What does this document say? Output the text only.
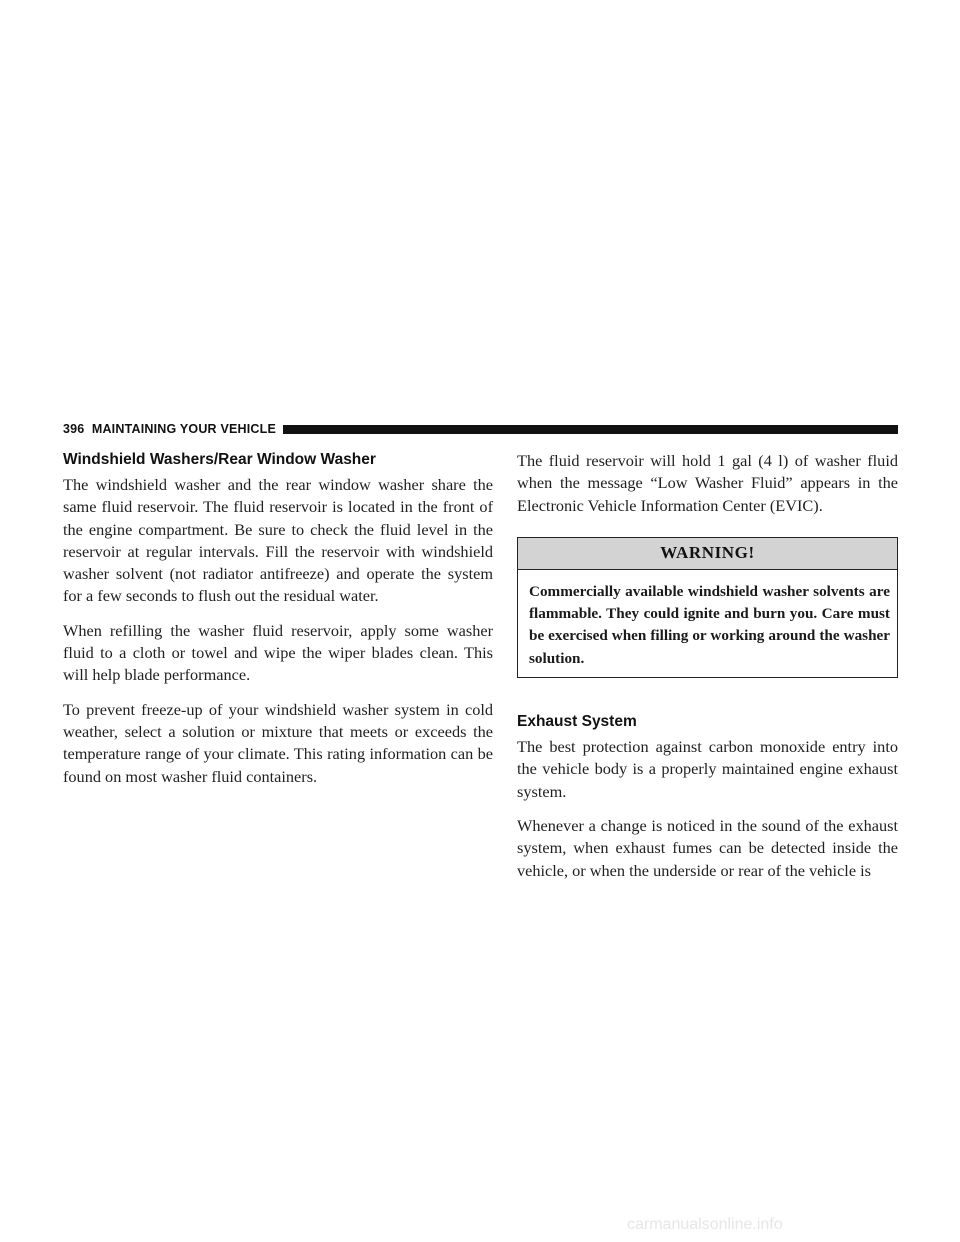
396 MAINTAINING YOUR VEHICLE
Windshield Washers/Rear Window Washer

The windshield washer and the rear window washer share the same fluid reservoir. The fluid reservoir is located in the front of the engine compartment. Be sure to check the fluid level in the reservoir at regular intervals. Fill the reservoir with windshield washer solvent (not radiator antifreeze) and operate the system for a few seconds to flush out the residual water.

When refilling the washer fluid reservoir, apply some washer fluid to a cloth or towel and wipe the wiper blades clean. This will help blade performance.

To prevent freeze-up of your windshield washer system in cold weather, select a solution or mixture that meets or exceeds the temperature range of your climate. This rating information can be found on most washer fluid containers.

The fluid reservoir will hold 1 gal (4 l) of washer fluid when the message “Low Washer Fluid” appears in the Electronic Vehicle Information Center (EVIC).

WARNING!
Commercially available windshield washer solvents are flammable. They could ignite and burn you. Care must be exercised when filling or working around the washer solution.
Exhaust System

The best protection against carbon monoxide entry into the vehicle body is a properly maintained engine exhaust system.

Whenever a change is noticed in the sound of the exhaust system, when exhaust fumes can be detected inside the vehicle, or when the underside or rear of the vehicle is

carmanualsonline.info
